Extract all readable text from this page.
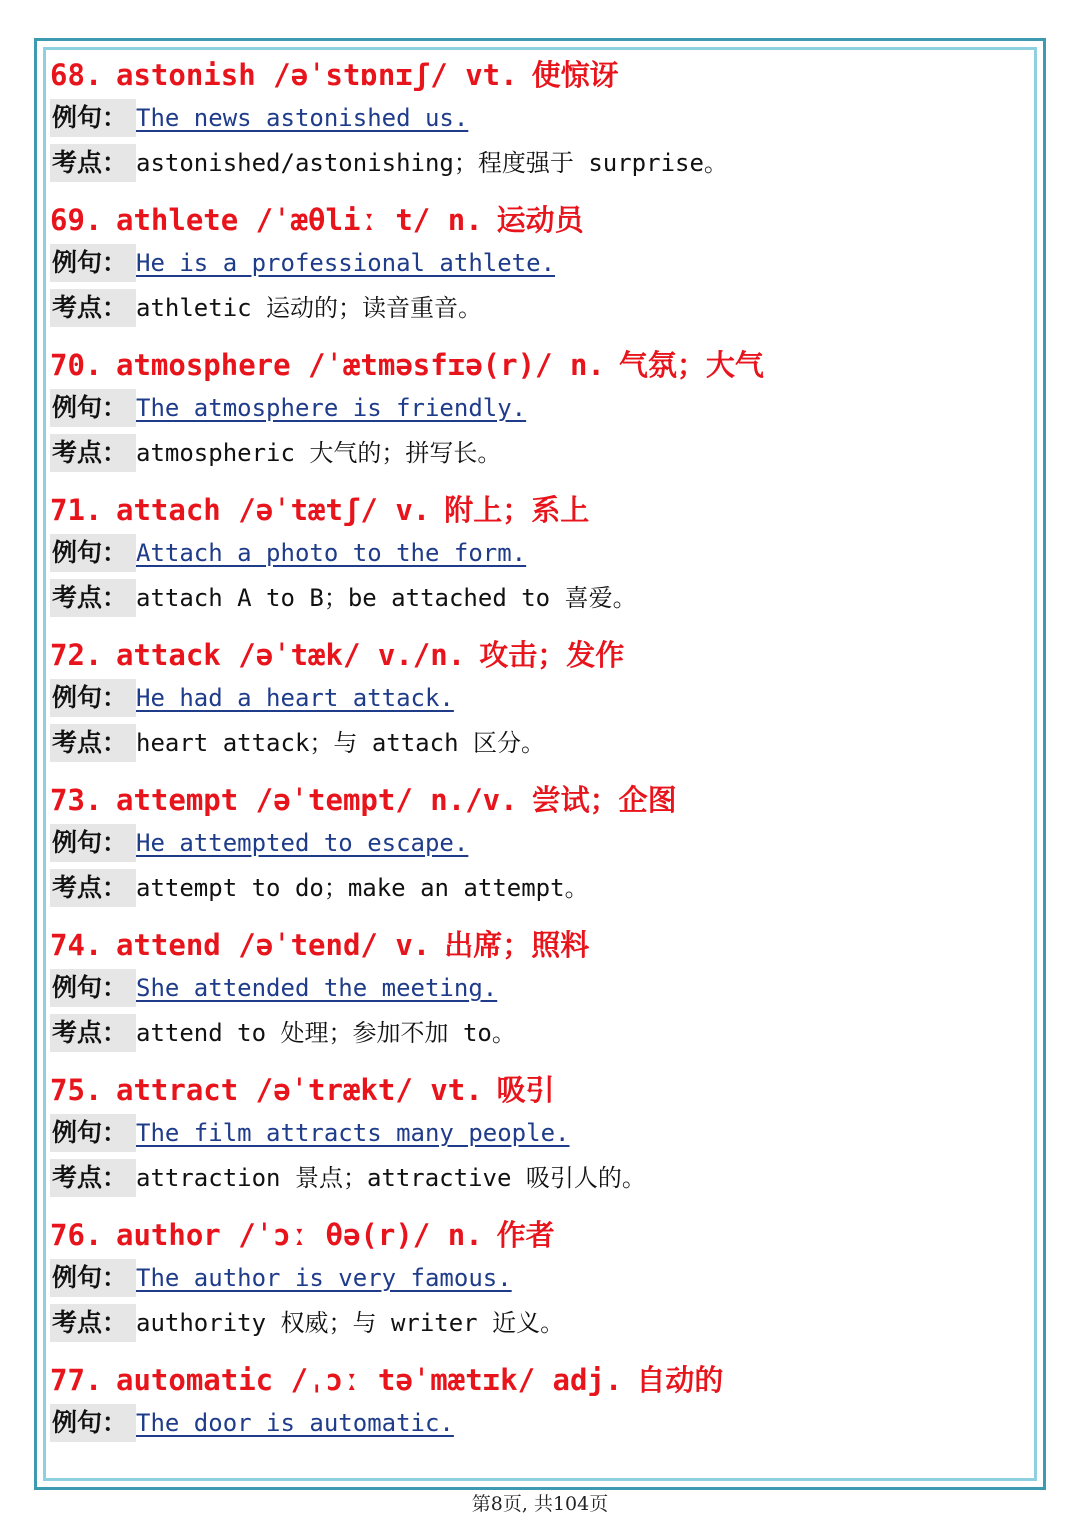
68. astonish /əˈstɒnɪʃ/ vt. 使惊讶
例句： The news astonished us.
考点： astonished/astonishing；程度强于 surprise。
69. athlete /ˈæθliː t/ n. 运动员
例句： He is a professional athlete.
考点： athletic 运动的；读音重音。
70. atmosphere /ˈætməsfɪə(r)/ n. 气氛；大气
例句： The atmosphere is friendly.
考点： atmospheric 大气的；拼写长。
71. attach /əˈtætʃ/ v. 附上；系上
例句： Attach a photo to the form.
考点： attach A to B；be attached to 喜爱。
72. attack /əˈtæk/ v./n. 攻击；发作
例句： He had a heart attack.
考点： heart attack；与 attach 区分。
73. attempt /əˈtempt/ n./v. 尝试；企图
例句： He attempted to escape.
考点： attempt to do；make an attempt。
74. attend /əˈtend/ v. 出席；照料
例句： She attended the meeting.
考点： attend to 处理；参加不加 to。
75. attract /əˈtrækt/ vt. 吸引
例句： The film attracts many people.
考点： attraction 景点；attractive 吸引人的。
76. author /ˈɔː θə(r)/ n. 作者
例句： The author is very famous.
考点： authority 权威；与 writer 近义。
77. automatic /ˌɔː təˈmætɪk/ adj. 自动的
例句： The door is automatic.
第8页, 共104页
